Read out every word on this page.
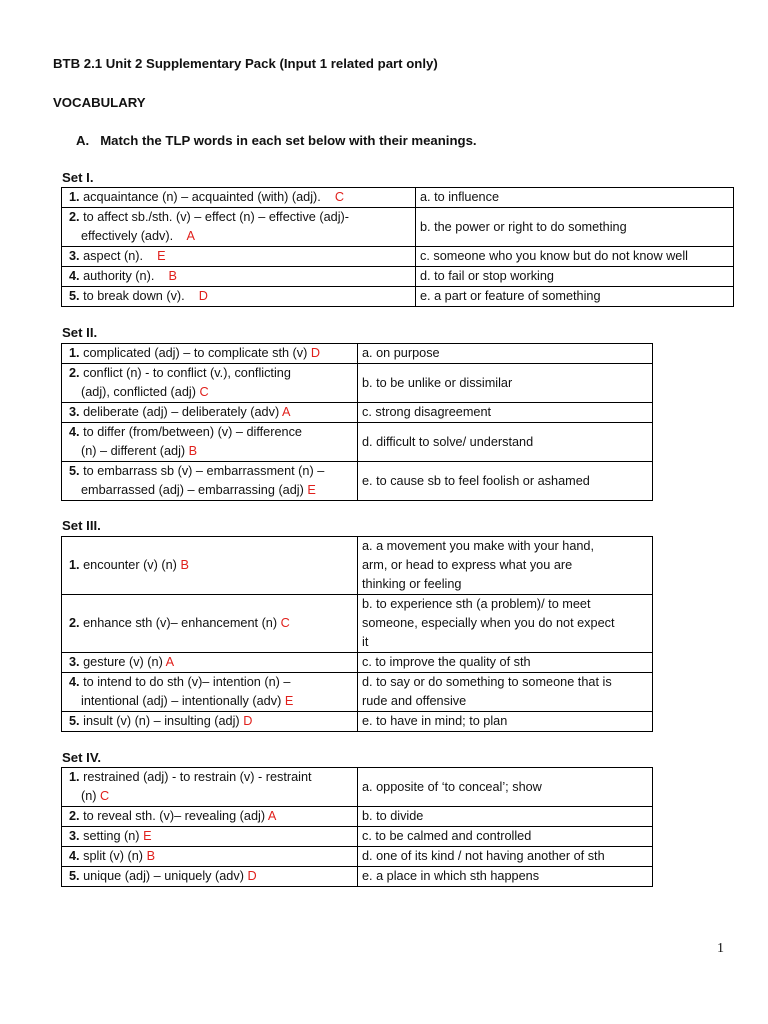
BTB 2.1 Unit 2 Supplementary Pack (Input 1 related part only)
VOCABULARY
A. Match the TLP words in each set below with their meanings.
Set I.
1. acquaintance (n) – acquainted (with) (adj). C	a. to influence
2. to affect sb./sth. (v) – effect (n) – effective (adj)-
effectively (adv). A	b. the power or right to do something
3. aspect (n). E	c. someone who you know but do not know well
4. authority (n). B	d. to fail or stop working
5. to break down (v). D	e. a part or feature of something
Set II.
1. complicated (adj) – to complicate sth (v) D	a. on purpose
2. conflict (n) - to conflict (v.), conflicting
(adj), conflicted (adj) C	b. to be unlike or dissimilar
3. deliberate (adj) – deliberately (adv) A	c. strong disagreement
4. to differ (from/between) (v) – difference
(n) – different (adj) B	d. difficult to solve/ understand
5. to embarrass sb (v) – embarrassment (n) –
embarrassed (adj) – embarrassing (adj) E	e. to cause sb to feel foolish or ashamed
Set III.
1. encounter (v) (n) B	a. a movement you make with your hand,
arm, or head to express what you are
thinking or feeling
2. enhance sth (v)– enhancement (n) C	b. to experience sth (a problem)/ to meet
someone, especially when you do not expect
it
3. gesture (v) (n) A	c. to improve the quality of sth
4. to intend to do sth (v)– intention (n) –
intentional (adj) – intentionally (adv) E	d. to say or do something to someone that is
rude and offensive
5. insult (v) (n) – insulting (adj) D	e. to have in mind; to plan
Set IV.
1. restrained (adj) - to restrain (v) - restraint
(n) C	a. opposite of ‘to conceal’; show
2. to reveal sth. (v)– revealing (adj) A	b. to divide
3. setting (n) E	c. to be calmed and controlled
4. split (v) (n) B	d. one of its kind / not having another of sth
5. unique (adj) – uniquely (adv) D	e. a place in which sth happens
1
